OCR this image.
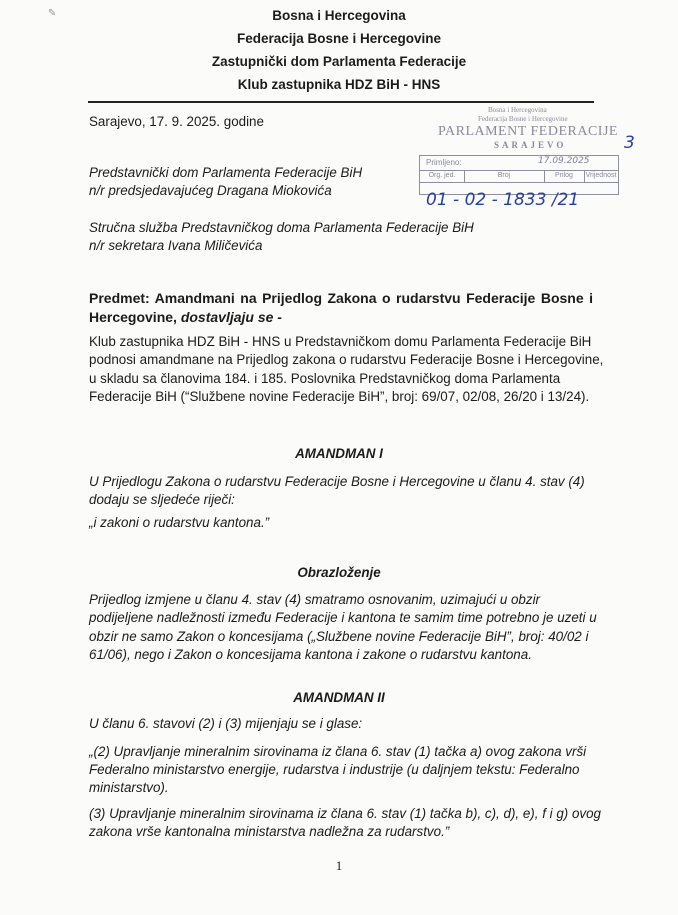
✎	Bosna i Hercegovina
Federacija Bosne i Hercegovine
Zastupnički dom Parlamenta Federacije
Klub zastupnika HDZ BiH - HNS
Sarajevo, 17. 9. 2025. godine
Bosna i Hercegovina
Federacija Bosne i Hercegovine
PARLAMENT FEDERACIJE
SARAJEVO	3
Primljeno:	17.09.2025
Org. jed.	Broj	Prilog	Vrijednost
01 - 02 - 1833 /21
Predstavnički dom Parlamenta Federacije BiH
n/r predsjedavajućeg Dragana Miokovića
Stručna služba Predstavničkog doma Parlamenta Federacije BiH
n/r sekretara Ivana Miličevića
Predmet: Amandmani na Prijedlog Zakona o rudarstvu Federacije Bosne i Hercegovine, dostavljaju se -
Klub zastupnika HDZ BiH - HNS u Predstavničkom domu Parlamenta Federacije BiH
podnosi amandmane na Prijedlog zakona o rudarstvu Federacije Bosne i Hercegovine,
u skladu sa članovima 184. i 185. Poslovnika Predstavničkog doma Parlamenta
Federacije BiH (“Službene novine Federacije BiH”, broj: 69/07, 02/08, 26/20 i 13/24).
AMANDMAN I
U Prijedlogu Zakona o rudarstvu Federacije Bosne i Hercegovine u članu 4. stav (4)
dodaju se sljedeće riječi:
„i zakoni o rudarstvu kantona.”
Obrazloženje
Prijedlog izmjene u članu 4. stav (4) smatramo osnovanim, uzimajući u obzir
podijeljene nadležnosti između Federacije i kantona te samim time potrebno je uzeti u
obzir ne samo Zakon o koncesijama („Službene novine Federacije BiH”, broj: 40/02 i
61/06), nego i Zakon o koncesijama kantona i zakone o rudarstvu kantona.
AMANDMAN II
U članu 6. stavovi (2) i (3) mijenjaju se i glase:
„(2) Upravljanje mineralnim sirovinama iz člana 6. stav (1) tačka a) ovog zakona vrši
Federalno ministarstvo energije, rudarstva i industrije (u daljnjem tekstu: Federalno
ministarstvo).
(3) Upravljanje mineralnim sirovinama iz člana 6. stav (1) tačka b), c), d), e), f i g) ovog
zakona vrše kantonalna ministarstva nadležna za rudarstvo.”
1
